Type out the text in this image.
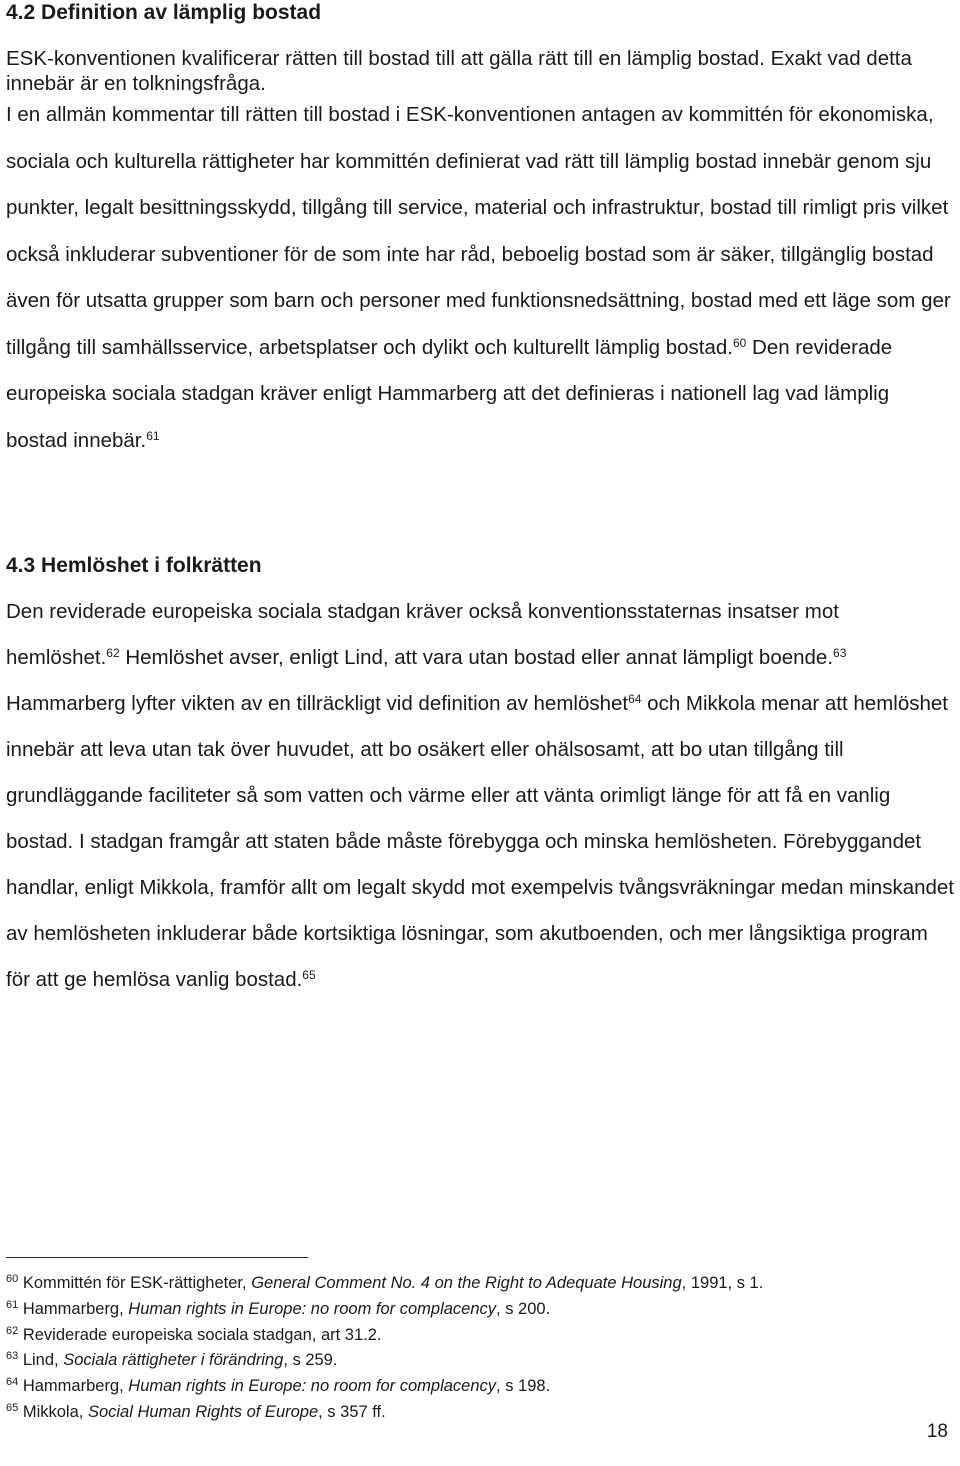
4.2 Definition av lämplig bostad
ESK-konventionen kvalificerar rätten till bostad till att gälla rätt till en lämplig bostad. Exakt vad detta innebär är en tolkningsfråga.
I en allmän kommentar till rätten till bostad i ESK-konventionen antagen av kommittén för ekonomiska, sociala och kulturella rättigheter har kommittén definierat vad rätt till lämplig bostad innebär genom sju punkter, legalt besittningsskydd, tillgång till service, material och infrastruktur, bostad till rimligt pris vilket också inkluderar subventioner för de som inte har råd, beboelig bostad som är säker, tillgänglig bostad även för utsatta grupper som barn och personer med funktionsnedsättning, bostad med ett läge som ger tillgång till samhällsservice, arbetsplatser och dylikt och kulturellt lämplig bostad.$^{60}$ Den reviderade europeiska sociala stadgan kräver enligt Hammarberg att det definieras i nationell lag vad lämplig bostad innebär.$^{61}$
4.3 Hemlöshet i folkrätten
Den reviderade europeiska sociala stadgan kräver också konventionsstaternas insatser mot hemlöshet.$^{62}$ Hemlöshet avser, enligt Lind, att vara utan bostad eller annat lämpligt boende.$^{63}$ Hammarberg lyfter vikten av en tillräckligt vid definition av hemlöshet$^{64}$ och Mikkola menar att hemlöshet innebär att leva utan tak över huvudet, att bo osäkert eller ohälsosamt, att bo utan tillgång till grundläggande faciliteter så som vatten och värme eller att vänta orimligt länge för att få en vanlig bostad. I stadgan framgår att staten både måste förebygga och minska hemlösheten. Förebyggandet handlar, enligt Mikkola, framför allt om legalt skydd mot exempelvis tvångsvräkningar medan minskandet av hemlösheten inkluderar både kortsiktiga lösningar, som akutboenden, och mer långsiktiga program för att ge hemlösa vanlig bostad.$^{65}$
$^{60}$ Kommittén för ESK-rättigheter, General Comment No. 4 on the Right to Adequate Housing, 1991, s 1.
$^{61}$ Hammarberg, Human rights in Europe: no room for complacency, s 200.
$^{62}$ Reviderade europeiska sociala stadgan, art 31.2.
$^{63}$ Lind, Sociala rättigheter i förändring, s 259.
$^{64}$ Hammarberg, Human rights in Europe: no room for complacency, s 198.
$^{65}$ Mikkola, Social Human Rights of Europe, s 357 ff.
18
